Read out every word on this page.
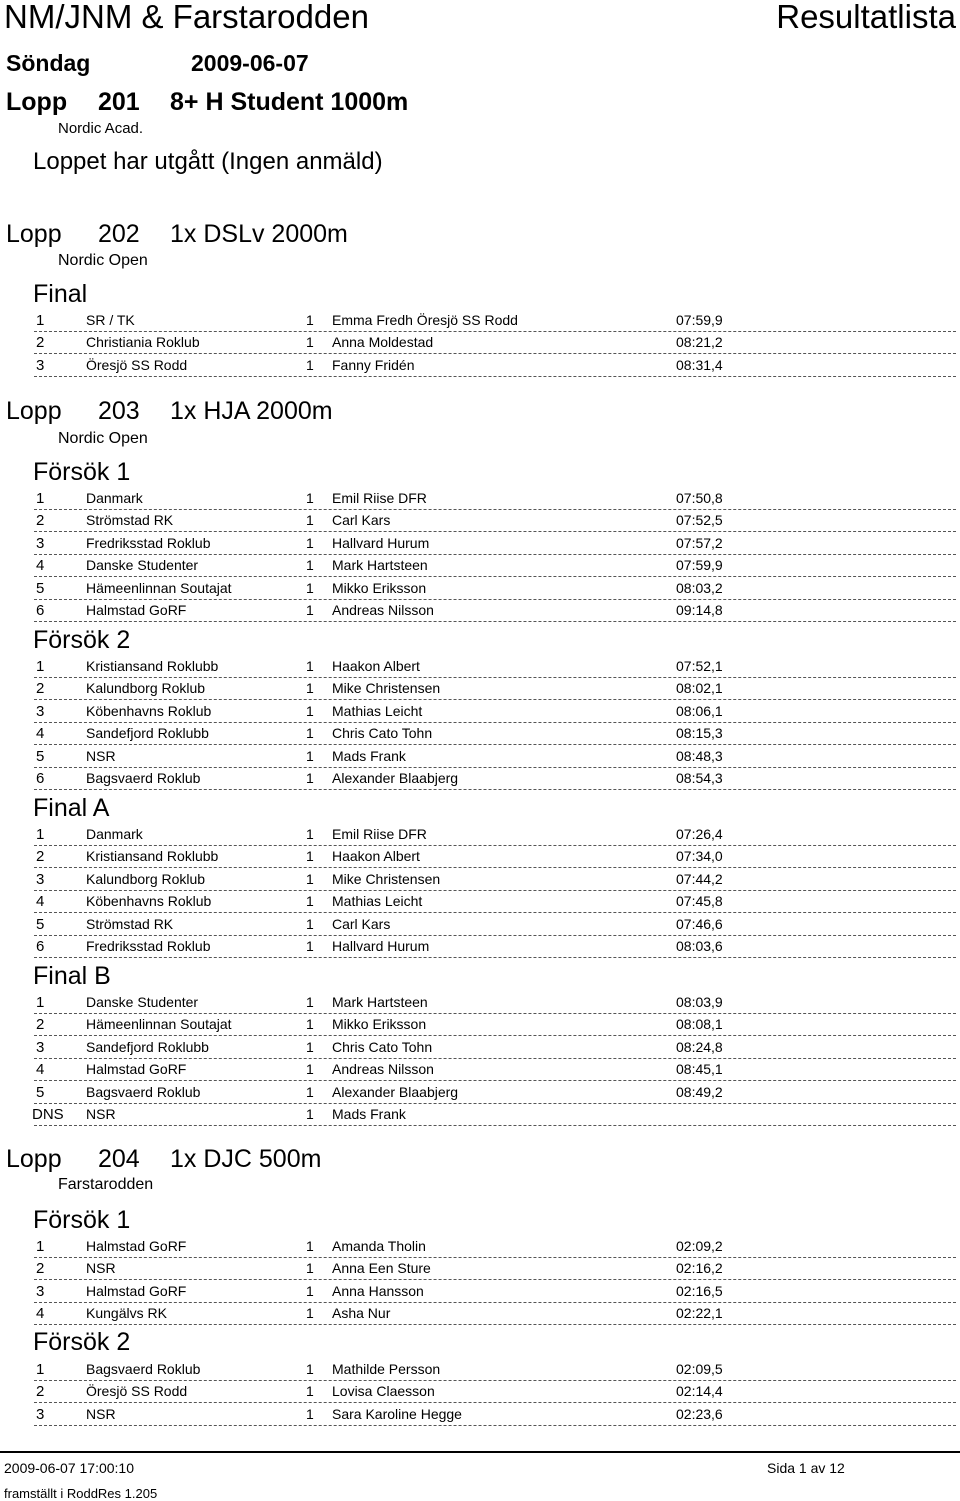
NM/JNM & Farstarodden	Resultatlista
Söndag	2009-06-07
Lopp 201 8+ H Student 1000m
Nordic Acad.
Loppet har utgått (Ingen anmäld)
Lopp 202 1x DSLv 2000m
Nordic Open
Final
1	SR / TK	1 Emma Fredh Öresjö SS Rodd	07:59,9
2	Christiania Roklub	1 Anna Moldestad	08:21,2
3	Öresjö SS Rodd	1 Fanny Fridén	08:31,4
Lopp 203 1x HJA 2000m
Nordic Open
Försök 1
1	Danmark	1 Emil Riise DFR	07:50,8
2	Strömstad RK	1 Carl Kars	07:52,5
3	Fredriksstad Roklub	1 Hallvard Hurum	07:57,2
4	Danske Studenter	1 Mark Hartsteen	07:59,9
5	Hämeenlinnan Soutajat	1 Mikko Eriksson	08:03,2
6	Halmstad GoRF	1 Andreas Nilsson	09:14,8
Försök 2
1	Kristiansand Roklubb	1 Haakon Albert	07:52,1
2	Kalundborg Roklub	1 Mike Christensen	08:02,1
3	Köbenhavns Roklub	1 Mathias Leicht	08:06,1
4	Sandefjord Roklubb	1 Chris Cato Tohn	08:15,3
5	NSR	1 Mads Frank	08:48,3
6	Bagsvaerd Roklub	1 Alexander Blaabjerg	08:54,3
Final A
1	Danmark	1 Emil Riise DFR	07:26,4
2	Kristiansand Roklubb	1 Haakon Albert	07:34,0
3	Kalundborg Roklub	1 Mike Christensen	07:44,2
4	Köbenhavns Roklub	1 Mathias Leicht	07:45,8
5	Strömstad RK	1 Carl Kars	07:46,6
6	Fredriksstad Roklub	1 Hallvard Hurum	08:03,6
Final B
1	Danske Studenter	1 Mark Hartsteen	08:03,9
2	Hämeenlinnan Soutajat	1 Mikko Eriksson	08:08,1
3	Sandefjord Roklubb	1 Chris Cato Tohn	08:24,8
4	Halmstad GoRF	1 Andreas Nilsson	08:45,1
5	Bagsvaerd Roklub	1 Alexander Blaabjerg	08:49,2
DNS NSR	1 Mads Frank
Lopp 204 1x DJC 500m
Farstarodden
Försök 1
1	Halmstad GoRF	1 Amanda Tholin	02:09,2
2	NSR	1 Anna Een Sture	02:16,2
3	Halmstad GoRF	1 Anna Hansson	02:16,5
4	Kungälvs RK	1 Asha Nur	02:22,1
Försök 2
1	Bagsvaerd Roklub	1 Mathilde Persson	02:09,5
2	Öresjö SS Rodd	1 Lovisa Claesson	02:14,4
3	NSR	1 Sara Karoline Hegge	02:23,6
2009-06-07 17:00:10	Sida 1 av 12
framställt i RoddRes 1.205
